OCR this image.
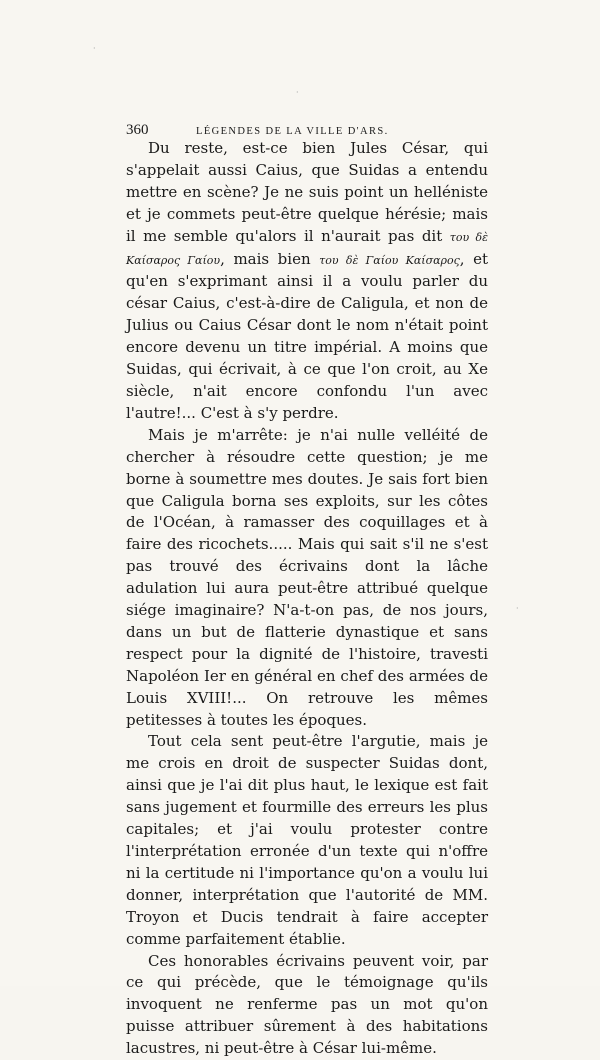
·
·
·
360	LÉGENDES DE LA VILLE D'ARS.

Du reste, est-ce bien Jules César, qui s'appelait aussi Caius, que Suidas a entendu mettre en scène? Je ne suis point un helléniste et je commets peut-être quelque hérésie; mais il me semble qu'alors il n'aurait pas dit του δὲ Καίσαρος Γαίου, mais bien του δὲ Γαίου Καίσαρος, et qu'en s'exprimant ainsi il a voulu parler du césar Caius, c'est-à-dire de Caligula, et non de Julius ou Caius César dont le nom n'était point encore devenu un titre impérial. A moins que Suidas, qui écrivait, à ce que l'on croit, au Xe siècle, n'ait encore confondu l'un avec l'autre!... C'est à s'y perdre.

Mais je m'arrête: je n'ai nulle velléité de chercher à résoudre cette question; je me borne à soumettre mes doutes. Je sais fort bien que Caligula borna ses exploits, sur les côtes de l'Océan, à ramasser des coquillages et à faire des ricochets..... Mais qui sait s'il ne s'est pas trouvé des écrivains dont la lâche adulation lui aura peut-être attribué quelque siége imaginaire? N'a-t-on pas, de nos jours, dans un but de flatterie dynastique et sans respect pour la dignité de l'histoire, travesti Napoléon Ier en général en chef des armées de Louis XVIII!... On retrouve les mêmes petitesses à toutes les époques.

Tout cela sent peut-être l'argutie, mais je me crois en droit de suspecter Suidas dont, ainsi que je l'ai dit plus haut, le lexique est fait sans jugement et fourmille des erreurs les plus capitales; et j'ai voulu protester contre l'interprétation erronée d'un texte qui n'offre ni la certitude ni l'importance qu'on a voulu lui donner, interprétation que l'autorité de MM. Troyon et Ducis tendrait à faire accepter comme parfaitement établie.

Ces honorables écrivains peuvent voir, par ce qui précède, que le témoignage qu'ils invoquent ne renferme pas un mot qu'on puisse attribuer sûrement à des habitations lacustres, ni peut-être à César lui-même.
